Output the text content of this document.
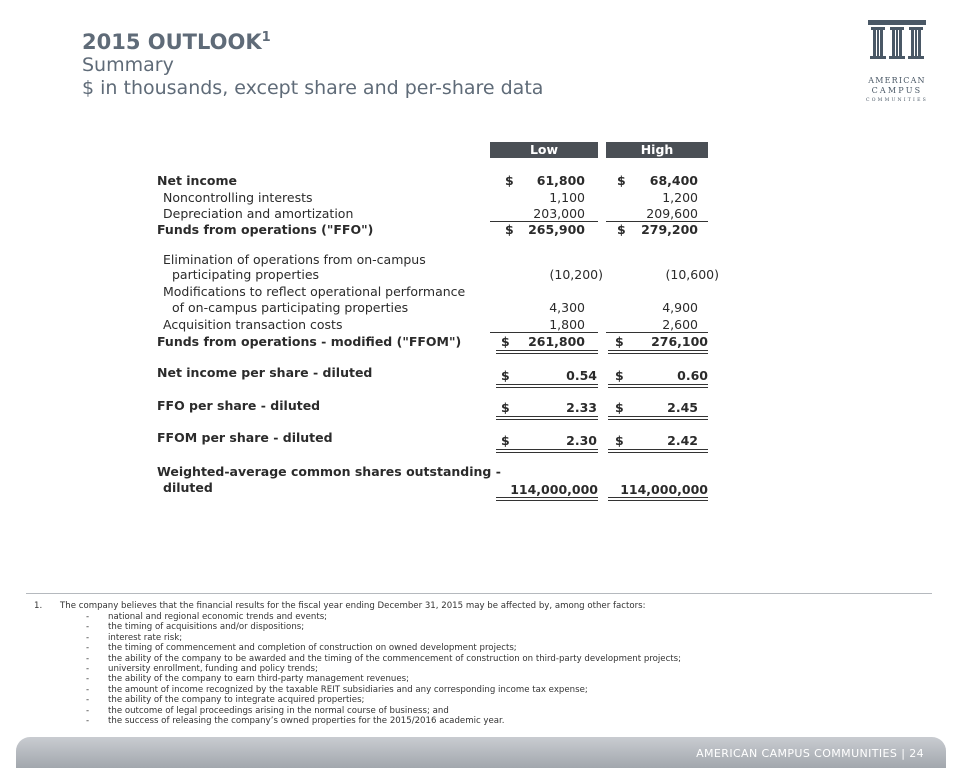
2015 OUTLOOK$^1$
Summary
$ in thousands, except share and per-share data	AMERICAN
CAMPUS
COMMUNITIES
Low	High
Net income	$ 61,800	$ 68,400
Noncontrolling interests	1,100	1,200
Depreciation and amortization	203,000	209,600
Funds from operations ("FFO")	$ 265,900	$ 279,200
Elimination of operations from on-campus
participating properties	(10,200)	(10,600)
Modifications to reflect operational performance
of on-campus participating properties	4,300	4,900
Acquisition transaction costs	1,800	2,600
Funds from operations - modified ("FFOM")	$ 261,800 $ 276,100
Net income per share - diluted	$	0.54 $	0.60
FFO per share - diluted	$	2.33 $	2.45
FFOM per share - diluted	$	2.30 $	2.42
Weighted-average common shares outstanding -
diluted	114,000,000 114,000,000
1. The company believes that the financial results for the fiscal year ending December 31, 2015 may be affected by, among other factors:
- national and regional economic trends and events;
- the timing of acquisitions and/or dispositions;
- interest rate risk;
- the timing of commencement and completion of construction on owned development projects;
- the ability of the company to be awarded and the timing of the commencement of construction on third-party development projects;
- university enrollment, funding and policy trends;
- the ability of the company to earn third-party management revenues;
- the amount of income recognized by the taxable REIT subsidiaries and any corresponding income tax expense;
- the ability of the company to integrate acquired properties;
- the outcome of legal proceedings arising in the normal course of business; and
- the success of releasing the company’s owned properties for the 2015/2016 academic year.
AMERICAN CAMPUS COMMUNITIES | 24
